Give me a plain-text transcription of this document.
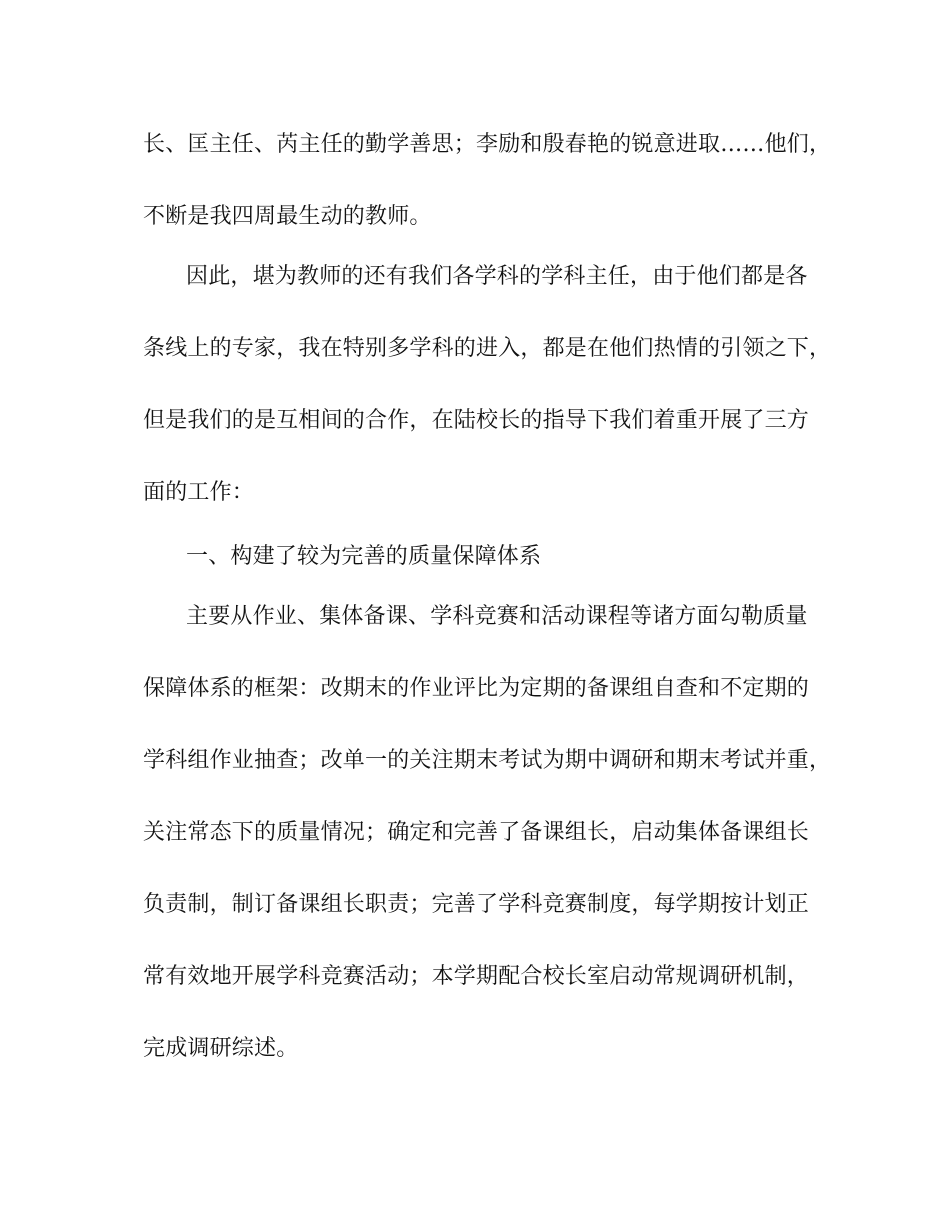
长、匡主任、芮主任的勤学善思；李励和殷春艳的锐意进取……他们，

不断是我四周最生动的教师。

因此，堪为教师的还有我们各学科的学科主任，由于他们都是各

条线上的专家，我在特别多学科的进入，都是在他们热情的引领之下，

但是我们的是互相间的合作，在陆校长的指导下我们着重开展了三方

面的工作：

一、构建了较为完善的质量保障体系

主要从作业、集体备课、学科竞赛和活动课程等诸方面勾勒质量

保障体系的框架：改期末的作业评比为定期的备课组自查和不定期的

学科组作业抽查；改单一的关注期末考试为期中调研和期末考试并重，

关注常态下的质量情况；确定和完善了备课组长，启动集体备课组长

负责制，制订备课组长职责；完善了学科竞赛制度，每学期按计划正

常有效地开展学科竞赛活动；本学期配合校长室启动常规调研机制，

完成调研综述。
